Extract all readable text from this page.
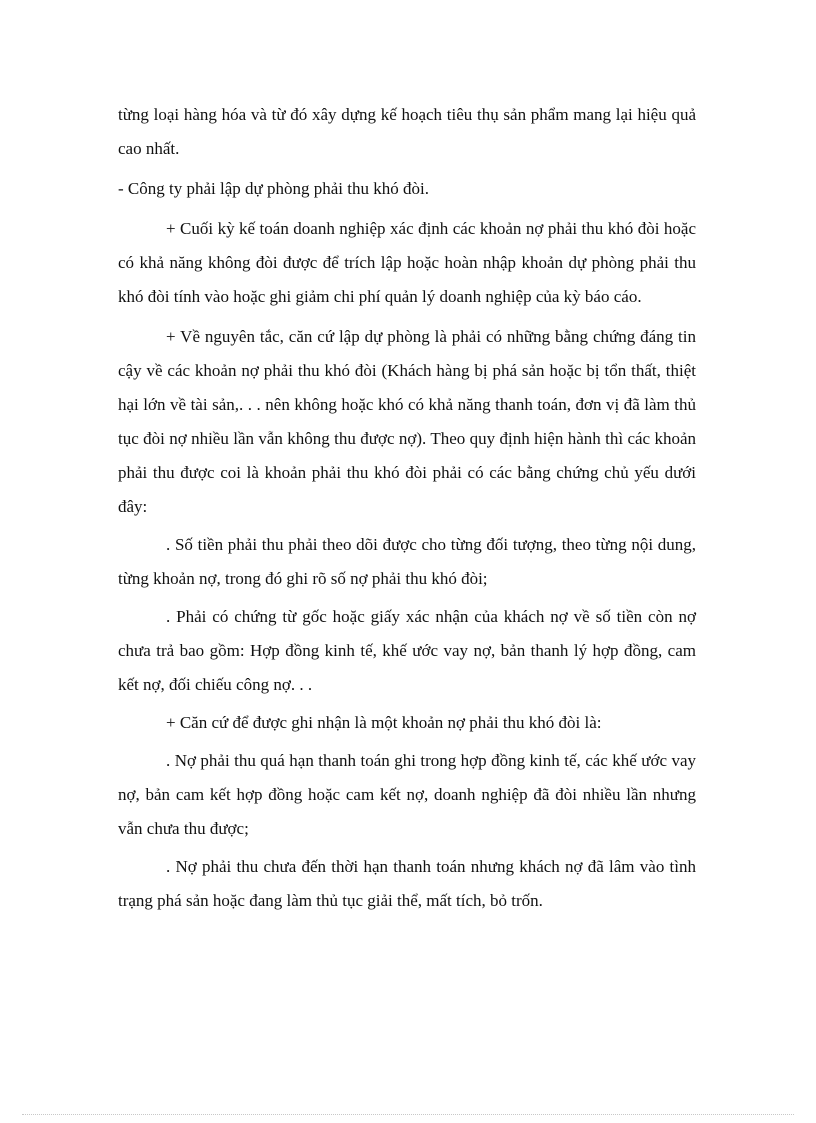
từng loại hàng hóa và từ đó xây dựng kế hoạch tiêu thụ sản phẩm mang lại hiệu quả cao nhất.

- Công ty phải lập dự phòng phải thu khó đòi.

+ Cuối kỳ kế toán doanh nghiệp xác định các khoản nợ phải thu khó đòi hoặc có khả năng không đòi được để trích lập hoặc hoàn nhập khoản dự phòng phải thu khó đòi tính vào hoặc ghi giảm chi phí quản lý doanh nghiệp của kỳ báo cáo.

+ Về nguyên tắc, căn cứ lập dự phòng là phải có những bằng chứng đáng tin cậy về các khoản nợ phải thu khó đòi (Khách hàng bị phá sản hoặc bị tổn thất, thiệt hại lớn về tài sản,. . . nên không hoặc khó có khả năng thanh toán, đơn vị đã làm thủ tục đòi nợ nhiều lần vẫn không thu được nợ). Theo quy định hiện hành thì các khoản phải thu được coi là khoản phải thu khó đòi phải có các bằng chứng chủ yếu dưới đây:

. Số tiền phải thu phải theo dõi được cho từng đối tượng, theo từng nội dung, từng khoản nợ, trong đó ghi rõ số nợ phải thu khó đòi;

. Phải có chứng từ gốc hoặc giấy xác nhận của khách nợ về số tiền còn nợ chưa trả bao gồm: Hợp đồng kinh tế, khế ước vay nợ, bản thanh lý hợp đồng, cam kết nợ, đối chiếu công nợ. . .

+ Căn cứ để được ghi nhận là một khoản nợ phải thu khó đòi là:

. Nợ phải thu quá hạn thanh toán ghi trong hợp đồng kinh tế, các khế ước vay nợ, bản cam kết hợp đồng hoặc cam kết nợ, doanh nghiệp đã đòi nhiều lần nhưng vẫn chưa thu được;

. Nợ phải thu chưa đến thời hạn thanh toán nhưng khách nợ đã lâm vào tình trạng phá sản hoặc đang làm thủ tục giải thể, mất tích, bỏ trốn.
